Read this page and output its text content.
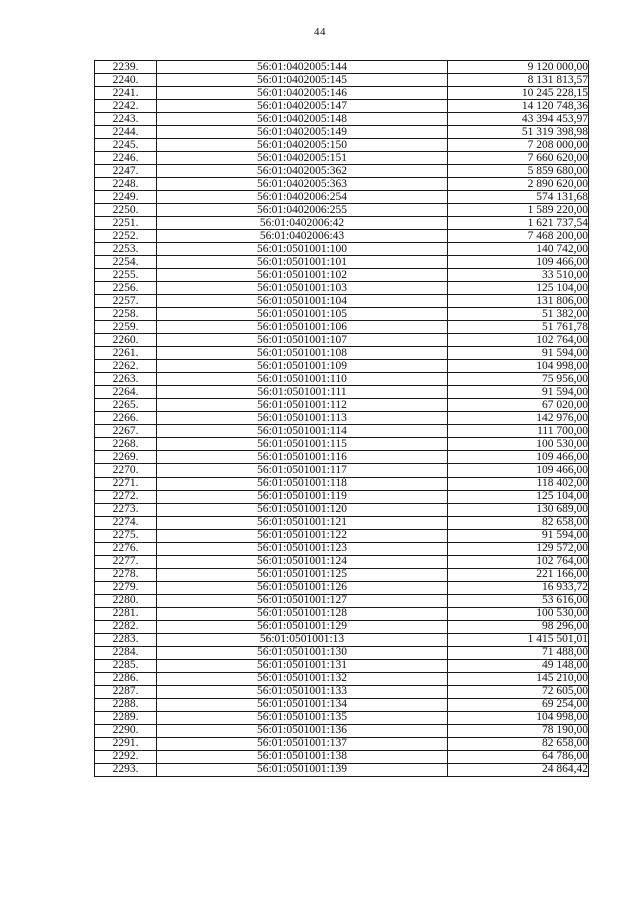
44
2239.	56:01:0402005:144	9 120 000,00
2240.	56:01:0402005:145	8 131 813,57
2241.	56:01:0402005:146	10 245 228,15
2242.	56:01:0402005:147	14 120 748,36
2243.	56:01:0402005:148	43 394 453,97
2244.	56:01:0402005:149	51 319 398,98
2245.	56:01:0402005:150	7 208 000,00
2246.	56:01:0402005:151	7 660 620,00
2247.	56:01:0402005:362	5 859 680,00
2248.	56:01:0402005:363	2 890 620,00
2249.	56:01:0402006:254	574 131,68
2250.	56:01:0402006:255	1 589 220,00
2251.	56:01:0402006:42	1 621 737,54
2252.	56:01:0402006:43	7 468 200,00
2253.	56:01:0501001:100	140 742,00
2254.	56:01:0501001:101	109 466,00
2255.	56:01:0501001:102	33 510,00
2256.	56:01:0501001:103	125 104,00
2257.	56:01:0501001:104	131 806,00
2258.	56:01:0501001:105	51 382,00
2259.	56:01:0501001:106	51 761,78
2260.	56:01:0501001:107	102 764,00
2261.	56:01:0501001:108	91 594,00
2262.	56:01:0501001:109	104 998,00
2263.	56:01:0501001:110	75 956,00
2264.	56:01:0501001:111	91 594,00
2265.	56:01:0501001:112	67 020,00
2266.	56:01:0501001:113	142 976,00
2267.	56:01:0501001:114	111 700,00
2268.	56:01:0501001:115	100 530,00
2269.	56:01:0501001:116	109 466,00
2270.	56:01:0501001:117	109 466,00
2271.	56:01:0501001:118	118 402,00
2272.	56:01:0501001:119	125 104,00
2273.	56:01:0501001:120	130 689,00
2274.	56:01:0501001:121	82 658,00
2275.	56:01:0501001:122	91 594,00
2276.	56:01:0501001:123	129 572,00
2277.	56:01:0501001:124	102 764,00
2278.	56:01:0501001:125	221 166,00
2279.	56:01:0501001:126	16 933,72
2280.	56:01:0501001:127	53 616,00
2281.	56:01:0501001:128	100 530,00
2282.	56:01:0501001:129	98 296,00
2283.	56:01:0501001:13	1 415 501,01
2284.	56:01:0501001:130	71 488,00
2285.	56:01:0501001:131	49 148,00
2286.	56:01:0501001:132	145 210,00
2287.	56:01:0501001:133	72 605,00
2288.	56:01:0501001:134	69 254,00
2289.	56:01:0501001:135	104 998,00
2290.	56:01:0501001:136	78 190,00
2291.	56:01:0501001:137	82 658,00
2292.	56:01:0501001:138	64 786,00
2293.	56:01:0501001:139	24 864,42
